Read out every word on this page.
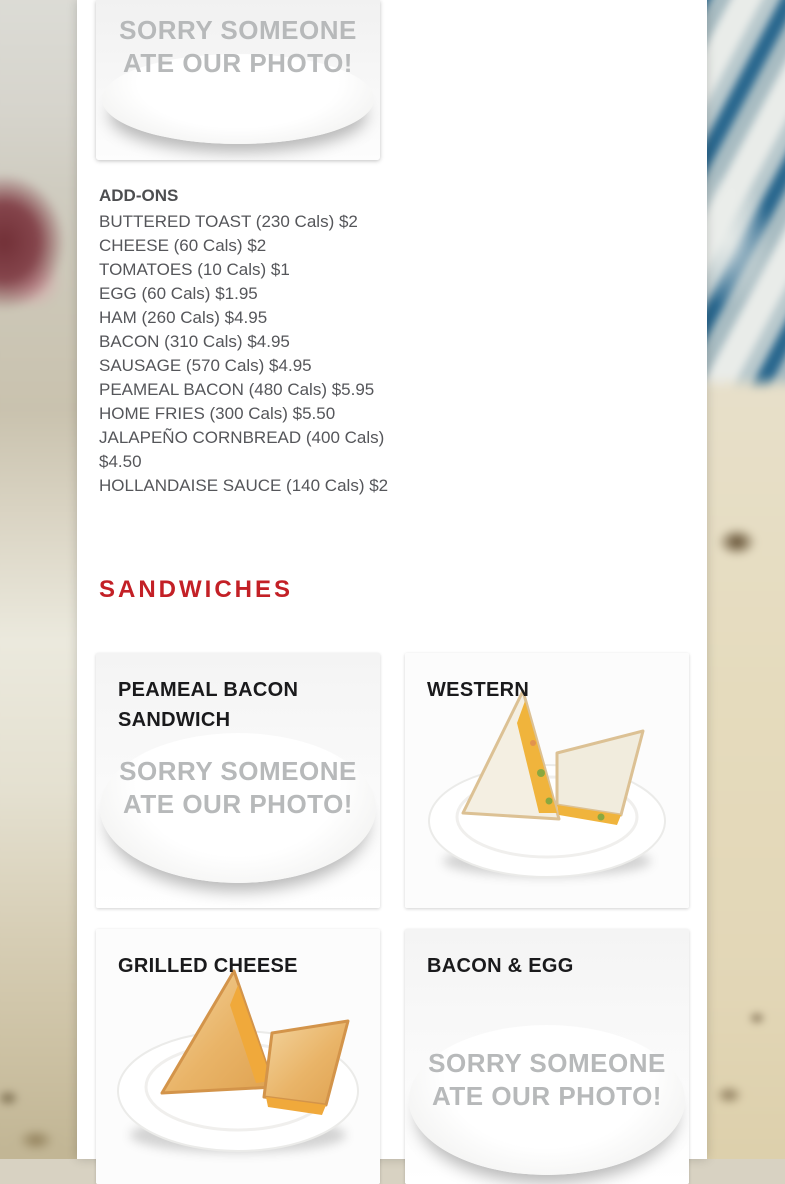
SORRY SOMEONE
ATE OUR PHOTO!

ADD-ONS

BUTTERED TOAST (230 Cals) $2
CHEESE (60 Cals) $2
TOMATOES (10 Cals) $1
EGG (60 Cals) $1.95
HAM (260 Cals) $4.95
BACON (310 Cals) $4.95
SAUSAGE (570 Cals) $4.95
PEAMEAL BACON (480 Cals) $5.95
HOME FRIES (300 Cals) $5.50
JALAPEÑO CORNBREAD (400 Cals) $4.50
HOLLANDAISE SAUCE (140 Cals) $2
SANDWICHES
SORRY SOMEONE
ATE OUR PHOTO!
PEAMEAL BACON SANDWICH
WESTERN
GRILLED CHEESE
SORRY SOMEONE
ATE OUR PHOTO!
BACON & EGG
